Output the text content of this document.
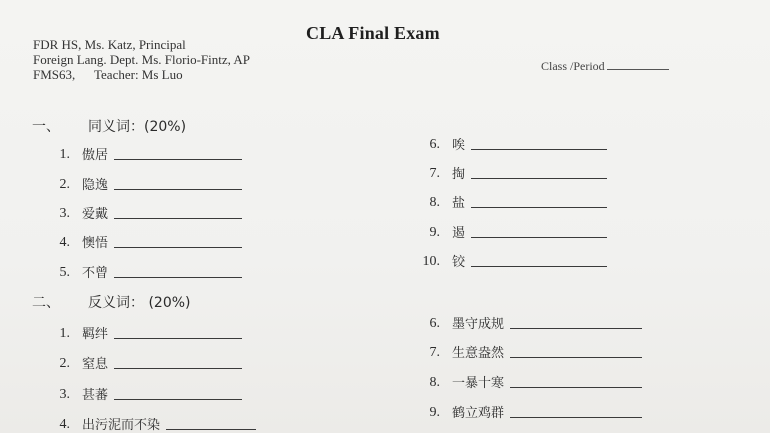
FDR HS, Ms. Katz, Principal
Foreign Lang. Dept. Ms. Florio-Fintz, AP
FMS63, Teacher: Ms Luo
CLA Final Exam
Class /Period
一、 同义词：(20%)
1. 傲居
2. 隐逸
3. 爱戴
4. 懊悟
5. 不曾
6. 唉
7. 掏
8. 盐
9. 遏
10. 铰
二、 反义词： (20%)
1. 羁绊
2. 窒息
3. 甚蕃
4. 出污泥而不染
6. 墨守成规
7. 生意盎然
8. 一暴十寒
9. 鹤立鸡群
